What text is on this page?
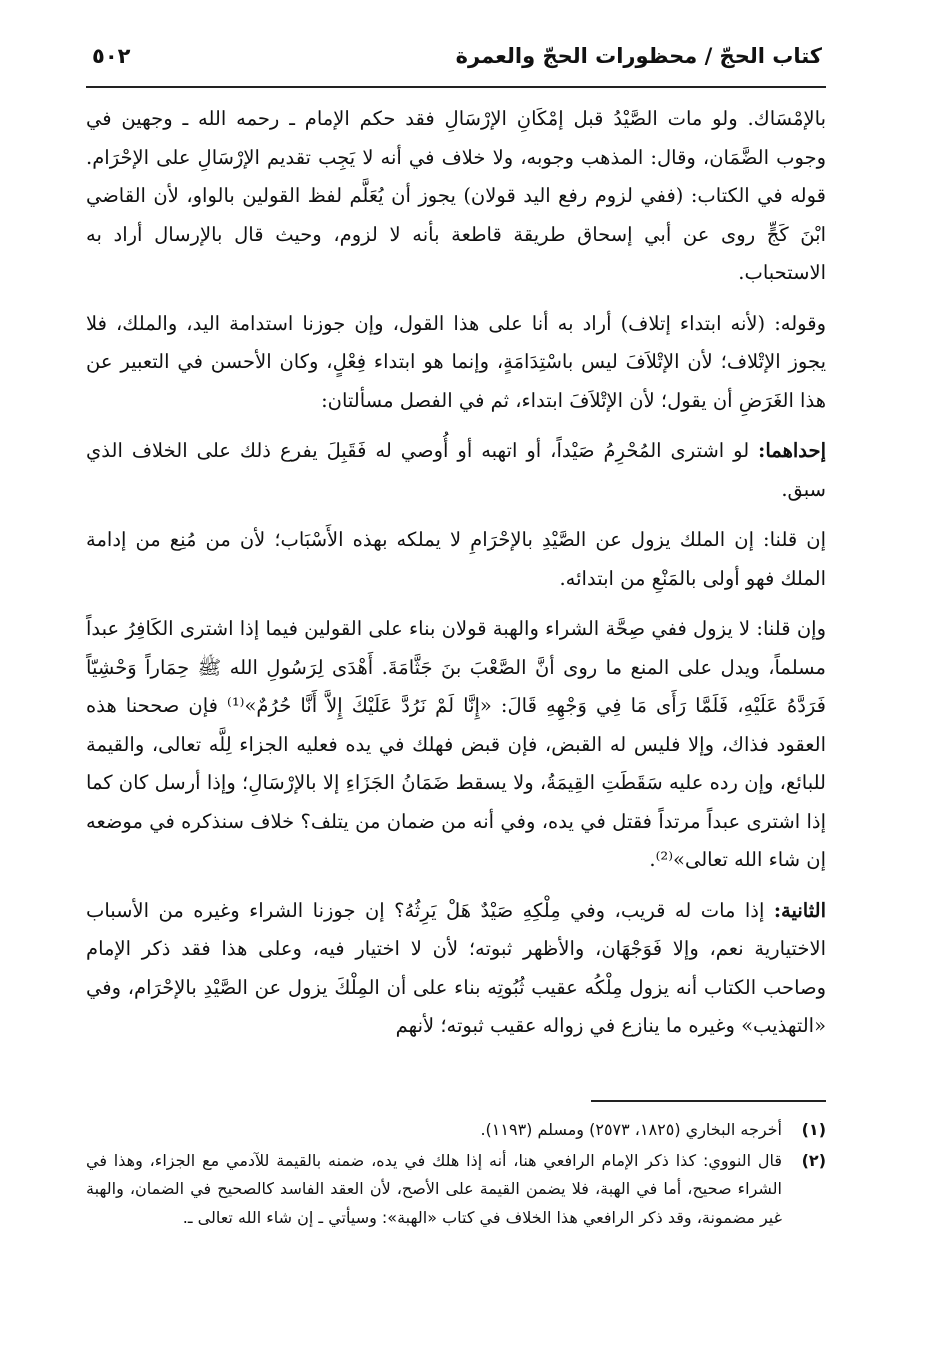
كتاب الحجّ / محظورات الحجّ والعمرة
٥٠٢

بالإمْسَاك. ولو مات الصَّيْدُ قبل إمْكَانِ الإرْسَالِ فقد حكم الإمام ـ رحمه الله ـ وجهين في وجوب الضَّمَان، وقال: المذهب وجوبه، ولا خلاف في أنه لا يَجِب تقديم الإرْسَالِ على الإحْرَام. قوله في الكتاب: (ففي لزوم رفع اليد قولان) يجوز أن يُعَلَّم لفظ القولين بالواو، لأن القاضي ابْنَ كَجٍّ روى عن أبي إسحاق طريقة قاطعة بأنه لا لزوم، وحيث قال بالإرسال أراد به الاستحباب.

وقوله: (لأنه ابتداء إتلاف) أراد به أنا على هذا القول، وإن جوزنا استدامة اليد، والملك، فلا يجوز الإتْلاف؛ لأن الإتْلاَفَ ليس باسْتِدَامَةٍ، وإنما هو ابتداء فِعْلٍ، وكان الأحسن في التعبير عن هذا الغَرَضِ أن يقول؛ لأن الإتْلاَفَ ابتداء، ثم في الفصل مسألتان:

إحداهما: لو اشترى المُحْرِمُ صَيْداً، أو اتهبه أو أُوصي له فَقَبِلَ يفرع ذلك على الخلاف الذي سبق.

إن قلنا: إن الملك يزول عن الصَّيْدِ بالإحْرَامِ لا يملكه بهذه الأَسْبَاب؛ لأن من مُنِع من إدامة الملك فهو أولى بالمَنْعِ من ابتدائه.

وإن قلنا: لا يزول ففي صِحَّة الشراء والهبة قولان بناء على القولين فيما إذا اشترى الكَافِرُ عبداً مسلماً، ويدل على المنع ما روى أنَّ الصَّعْبَ بنَ جَثَّامَةَ. أَهْدَى لِرَسُولِ الله ﷺ حِمَاراً وَحْشِيّاً فَرَدَّهُ عَلَيْهِ، فَلَمَّا رَأَى مَا فِي وَجْهِهِ قَالَ: «إِنَّا لَمْ نَرُدَّ عَلَيْكَ إِلاَّ أَنَّا حُرُمٌ»⁽¹⁾ فإن صححنا هذه العقود فذاك، وإلا فليس له القبض، فإن قبض فهلك في يده فعليه الجزاء لِلَّه تعالى، والقيمة للبائع، وإن رده عليه سَقَطَتِ القِيمَةُ، ولا يسقط ضَمَانُ الجَزَاءِ إلا بالإرْسَالِ؛ وإذا أرسل كان كما إذا اشترى عبداً مرتداً فقتل في يده، وفي أنه من ضمان من يتلف؟ خلاف سنذكره في موضعه إن شاء الله تعالى»⁽²⁾.

الثانية: إذا مات له قريب، وفي مِلْكِهِ صَيْدٌ هَلْ يَرِثُهُ؟ إن جوزنا الشراء وغيره من الأسباب الاختيارية نعم، وإلا فَوَجْهَان، والأظهر ثبوته؛ لأن لا اختيار فيه، وعلى هذا فقد ذكر الإمام وصاحب الكتاب أنه يزول مِلْكُه عقيب ثُبُوتِه بناء على أن المِلْكَ يزول عن الصَّيْدِ بالإحْرَام، وفي «التهذيب» وغيره ما ينازع في زواله عقيب ثبوته؛ لأنهم

(١)
أخرجه البخاري (١٨٢٥، ٢٥٧٣) ومسلم (١١٩٣).
(٢)
قال النووي: كذا ذكر الإمام الرافعي هنا، أنه إذا هلك في يده، ضمنه بالقيمة للآدمي مع الجزاء، وهذا في الشراء صحيح، أما في الهبة، فلا يضمن القيمة على الأصح، لأن العقد الفاسد كالصحيح في الضمان، والهبة غير مضمونة، وقد ذكر الرافعي هذا الخلاف في كتاب «الهبة»: وسيأتي ـ إن شاء الله تعالى ـ.
